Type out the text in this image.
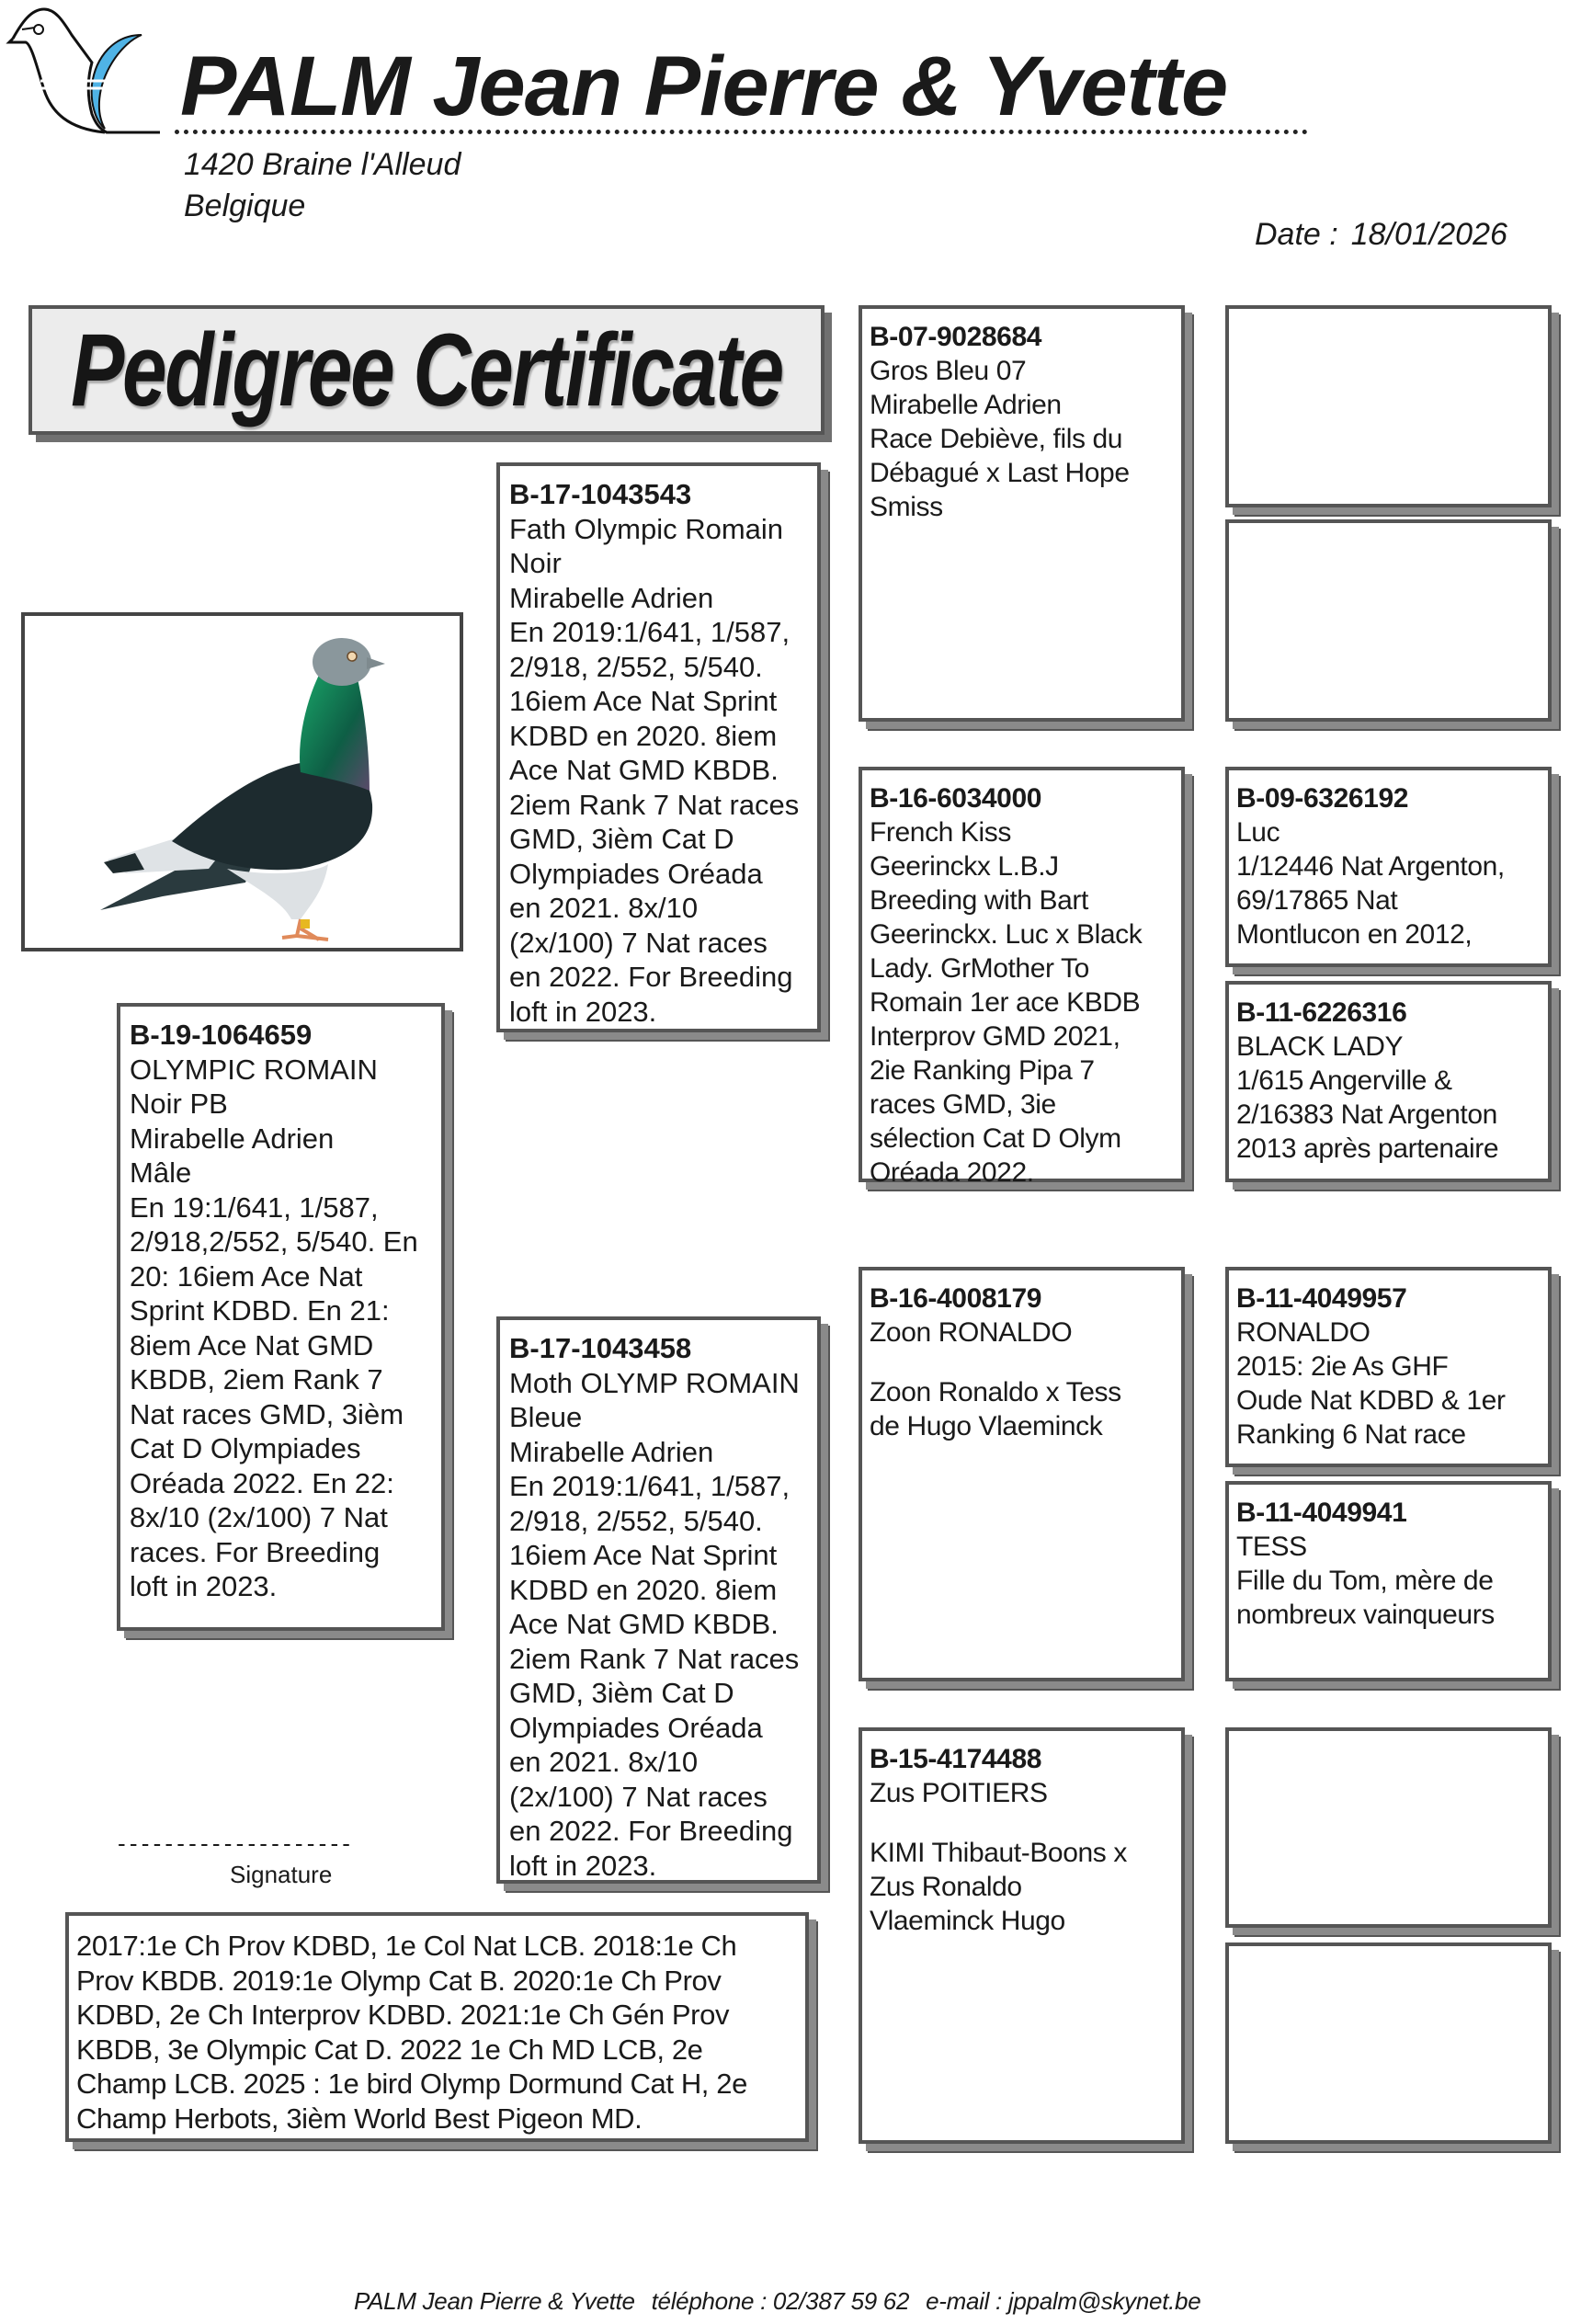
PALM Jean Pierre & Yvette
1420 Braine l'Alleud
Belgique
Date : 18/01/2026
Pedigree Certificate
B-19-1064659
OLYMPIC ROMAIN
Noir PB
Mirabelle Adrien
Mâle
En 19:1/641, 1/587,
2/918,2/552, 5/540. En
20: 16iem Ace Nat
Sprint KDBD. En 21:
8iem Ace Nat GMD
KBDB, 2iem Rank 7
Nat races GMD, 3ièm
Cat D Olympiades
Oréada 2022. En 22:
8x/10 (2x/100) 7 Nat
races. For Breeding
loft in 2023.
B-17-1043543
Fath Olympic Romain
Noir
Mirabelle Adrien
En 2019:1/641, 1/587,
2/918, 2/552, 5/540.
16iem Ace Nat Sprint
KDBD en 2020. 8iem
Ace Nat GMD KBDB.
2iem Rank 7 Nat races
GMD, 3ièm Cat D
Olympiades Oréada
en 2021. 8x/10
(2x/100) 7 Nat races
en 2022. For Breeding
loft in 2023.
B-17-1043458
Moth OLYMP ROMAIN
Bleue
Mirabelle Adrien
En 2019:1/641, 1/587,
2/918, 2/552, 5/540.
16iem Ace Nat Sprint
KDBD en 2020. 8iem
Ace Nat GMD KBDB.
2iem Rank 7 Nat races
GMD, 3ièm Cat D
Olympiades Oréada
en 2021. 8x/10
(2x/100) 7 Nat races
en 2022. For Breeding
loft in 2023.
B-07-9028684
Gros Bleu 07
Mirabelle Adrien
Race Debiève, fils du
Débagué x Last Hope
Smiss
B-16-6034000
French Kiss
Geerinckx L.B.J
Breeding with Bart
Geerinckx. Luc x Black
Lady. GrMother To
Romain 1er ace KBDB
Interprov GMD 2021,
2ie Ranking Pipa 7
races GMD, 3ie
sélection Cat D Olym
Oréada 2022.
B-16-4008179
Zoon RONALDO
Zoon Ronaldo x Tess
de Hugo Vlaeminck
B-15-4174488
Zus POITIERS
KIMI Thibaut-Boons x
Zus Ronaldo
Vlaeminck Hugo
B-09-6326192
Luc
1/12446 Nat Argenton,
69/17865 Nat
Montlucon en 2012,
B-11-6226316
BLACK LADY
1/615 Angerville &
2/16383 Nat Argenton
2013 après partenaire
B-11-4049957
RONALDO
2015: 2ie As GHF
Oude Nat KDBD & 1er
Ranking 6 Nat race
B-11-4049941
TESS
Fille du Tom, mère de
nombreux vainqueurs
--------------------
Signature
2017:1e Ch Prov KDBD, 1e Col Nat LCB. 2018:1e Ch
Prov KBDB. 2019:1e Olymp Cat B. 2020:1e Ch Prov
KDBD, 2e Ch Interprov KDBD. 2021:1e Ch Gén Prov
KBDB, 3e Olympic Cat D. 2022 1e Ch MD LCB, 2e
Champ LCB. 2025 : 1e bird Olymp Dormund Cat H, 2e
Champ Herbots, 3ièm World Best Pigeon MD.
PALM Jean Pierre & Yvette téléphone : 02/387 59 62 e-mail : jppalm@skynet.be
